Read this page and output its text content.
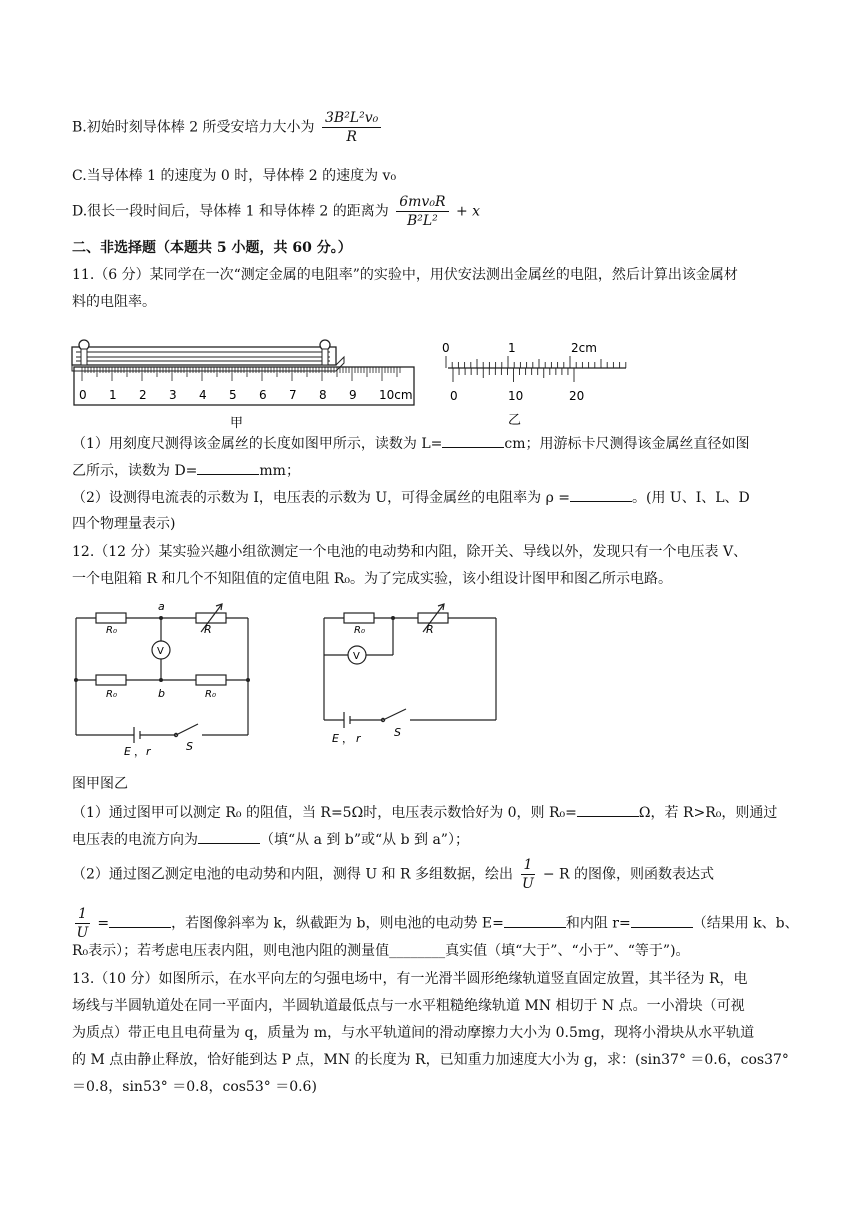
B.初始时刻导体棒 2 所受安培力大小为 $\frac{\text{3B²L²v₀}}{R}$
C.当导体棒 1 的速度为 0 时，导体棒 2 的速度为 v₀
D.很长一段时间后，导体棒 1 和导体棒 2 的距离为 $\frac{\text{6mv₀R}}{\text{B²L²}} + x$
二、非选择题（本题共 5 小题，共 60 分。）
11.（6 分）某同学在一次“测定金属的电阻率”的实验中，用伏安法测出金属丝的电阻，然后计算出该金属材
料的电阻率。
0 1 2 3 4 5 6 7 8 9 10cm
甲
0	1	2cm
0	10	20
乙
（1）用刻度尺测得该金属丝的长度如图甲所示，读数为 L=	cm；用游标卡尺测得该金属丝直径如图
乙所示，读数为 D=	mm；
（2）设测得电流表的示数为 I，电压表的示数为 U，可得金属丝的电阻率为 ρ =	。(用 U、I、L、D
四个物理量表示)
12.（12 分）某实验兴趣小组欲测定一个电池的电动势和内阻，除开关、导线以外，发现只有一个电压表 V、
一个电阻箱 R 和几个不知阻值的定值电阻 R₀。为了完成实验，该小组设计图甲和图乙所示电路。
R₀
a
R
V
R₀	b	R₀
E ， r	S
R₀	R
V
E ， r	S
图甲图乙
（1）通过图甲可以测定 R₀ 的阻值，当 R=5Ω时，电压表示数恰好为 0，则 R₀=	Ω，若 R>R₀，则通过
电压表的电流方向为	（填“从 a 到 b”或“从 b 到 a”）；
（2）通过图乙测定电池的电动势和内阻，测得 U 和 R 多组数据，绘出 $\frac{1}{U} - R$ 的图像，则函数表达式
$\frac{1}{U}$ =	，若图像斜率为 k，纵截距为 b，则电池的电动势 E=	和内阻 r=	（结果用 k、b、
R₀表示）；若考虑电压表内阻，则电池内阻的测量值________真实值（填“大于”、“小于”、“等于”)。
13.（10 分）如图所示，在水平向左的匀强电场中，有一光滑半圆形绝缘轨道竖直固定放置，其半径为 R，电
场线与半圆轨道处在同一平面内，半圆轨道最低点与一水平粗糙绝缘轨道 MN 相切于 N 点。一小滑块（可视
为质点）带正电且电荷量为 q，质量为 m，与水平轨道间的滑动摩擦力大小为 0.5mg，现将小滑块从水平轨道
的 M 点由静止释放，恰好能到达 P 点，MN 的长度为 R，已知重力加速度大小为 g，求：(sin37° ＝0.6，cos37°
＝0.8，sin53° ＝0.8，cos53° ＝0.6)
